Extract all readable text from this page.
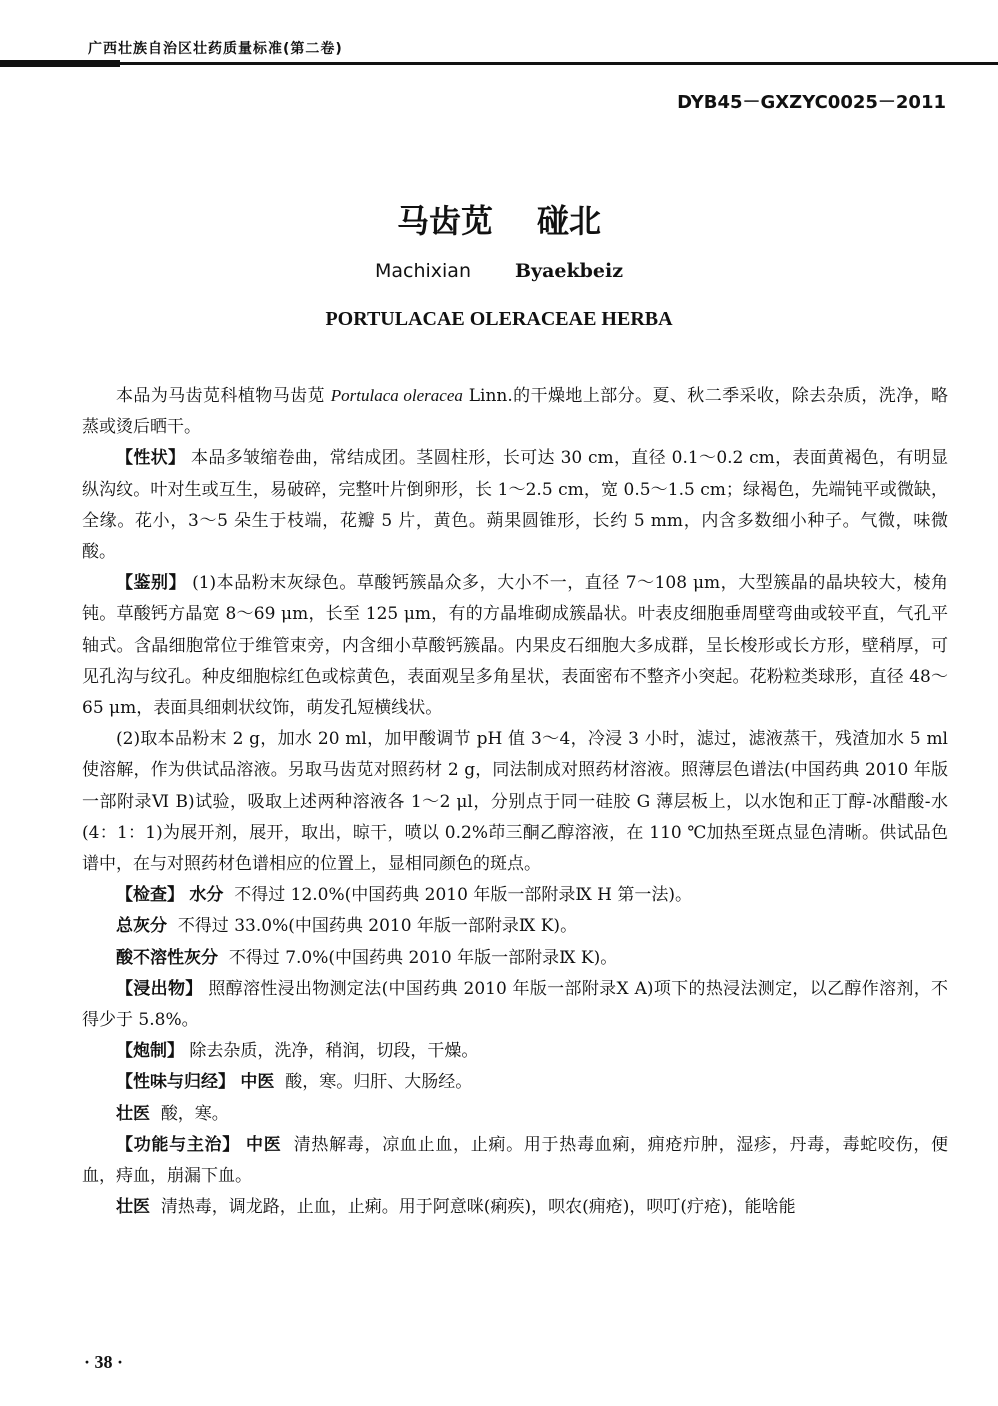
广西壮族自治区壮药质量标准(第二卷)
DYB45－GXZYC0025－2011
马齿苋 碰北
Machixian Byaekbeiz
PORTULACAE OLERACEAE HERBA

本品为马齿苋科植物马齿苋 Portulaca oleracea Linn.的干燥地上部分。夏、秋二季采收，除去杂质，洗净，略蒸或烫后晒干。

【性状】 本品多皱缩卷曲，常结成团。茎圆柱形，长可达 30 cm，直径 0.1～0.2 cm，表面黄褐色，有明显纵沟纹。叶对生或互生，易破碎，完整叶片倒卵形，长 1～2.5 cm，宽 0.5～1.5 cm；绿褐色，先端钝平或微缺，全缘。花小，3～5 朵生于枝端，花瓣 5 片，黄色。蒴果圆锥形，长约 5 mm，内含多数细小种子。气微，味微酸。

【鉴别】 (1)本品粉末灰绿色。草酸钙簇晶众多，大小不一，直径 7～108 μm，大型簇晶的晶块较大，棱角钝。草酸钙方晶宽 8～69 μm，长至 125 μm，有的方晶堆砌成簇晶状。叶表皮细胞垂周壁弯曲或较平直，气孔平轴式。含晶细胞常位于维管束旁，内含细小草酸钙簇晶。内果皮石细胞大多成群，呈长梭形或长方形，壁稍厚，可见孔沟与纹孔。种皮细胞棕红色或棕黄色，表面观呈多角星状，表面密布不整齐小突起。花粉粒类球形，直径 48～65 μm，表面具细刺状纹饰，萌发孔短横线状。

(2)取本品粉末 2 g，加水 20 ml，加甲酸调节 pH 值 3～4，冷浸 3 小时，滤过，滤液蒸干，残渣加水 5 ml 使溶解，作为供试品溶液。另取马齿苋对照药材 2 g，同法制成对照药材溶液。照薄层色谱法(中国药典 2010 年版一部附录Ⅵ B)试验，吸取上述两种溶液各 1～2 μl，分别点于同一硅胶 G 薄层板上，以水饱和正丁醇-冰醋酸-水(4：1：1)为展开剂，展开，取出，晾干，喷以 0.2%茚三酮乙醇溶液，在 110 ℃加热至斑点显色清晰。供试品色谱中，在与对照药材色谱相应的位置上，显相同颜色的斑点。

【检查】 水分 不得过 12.0%(中国药典 2010 年版一部附录Ⅸ H 第一法)。

总灰分 不得过 33.0%(中国药典 2010 年版一部附录Ⅸ K)。

酸不溶性灰分 不得过 7.0%(中国药典 2010 年版一部附录Ⅸ K)。

【浸出物】 照醇溶性浸出物测定法(中国药典 2010 年版一部附录Ⅹ A)项下的热浸法测定，以乙醇作溶剂，不得少于 5.8%。

【炮制】 除去杂质，洗净，稍润，切段，干燥。

【性味与归经】 中医 酸，寒。归肝、大肠经。

壮医 酸，寒。

【功能与主治】 中医 清热解毒，凉血止血，止痢。用于热毒血痢，痈疮疖肿，湿疹，丹毒，毒蛇咬伤，便血，痔血，崩漏下血。

壮医 清热毒，调龙路，止血，止痢。用于阿意咪(痢疾)，呗农(痈疮)，呗叮(疔疮)，能啥能

· 38 ·
